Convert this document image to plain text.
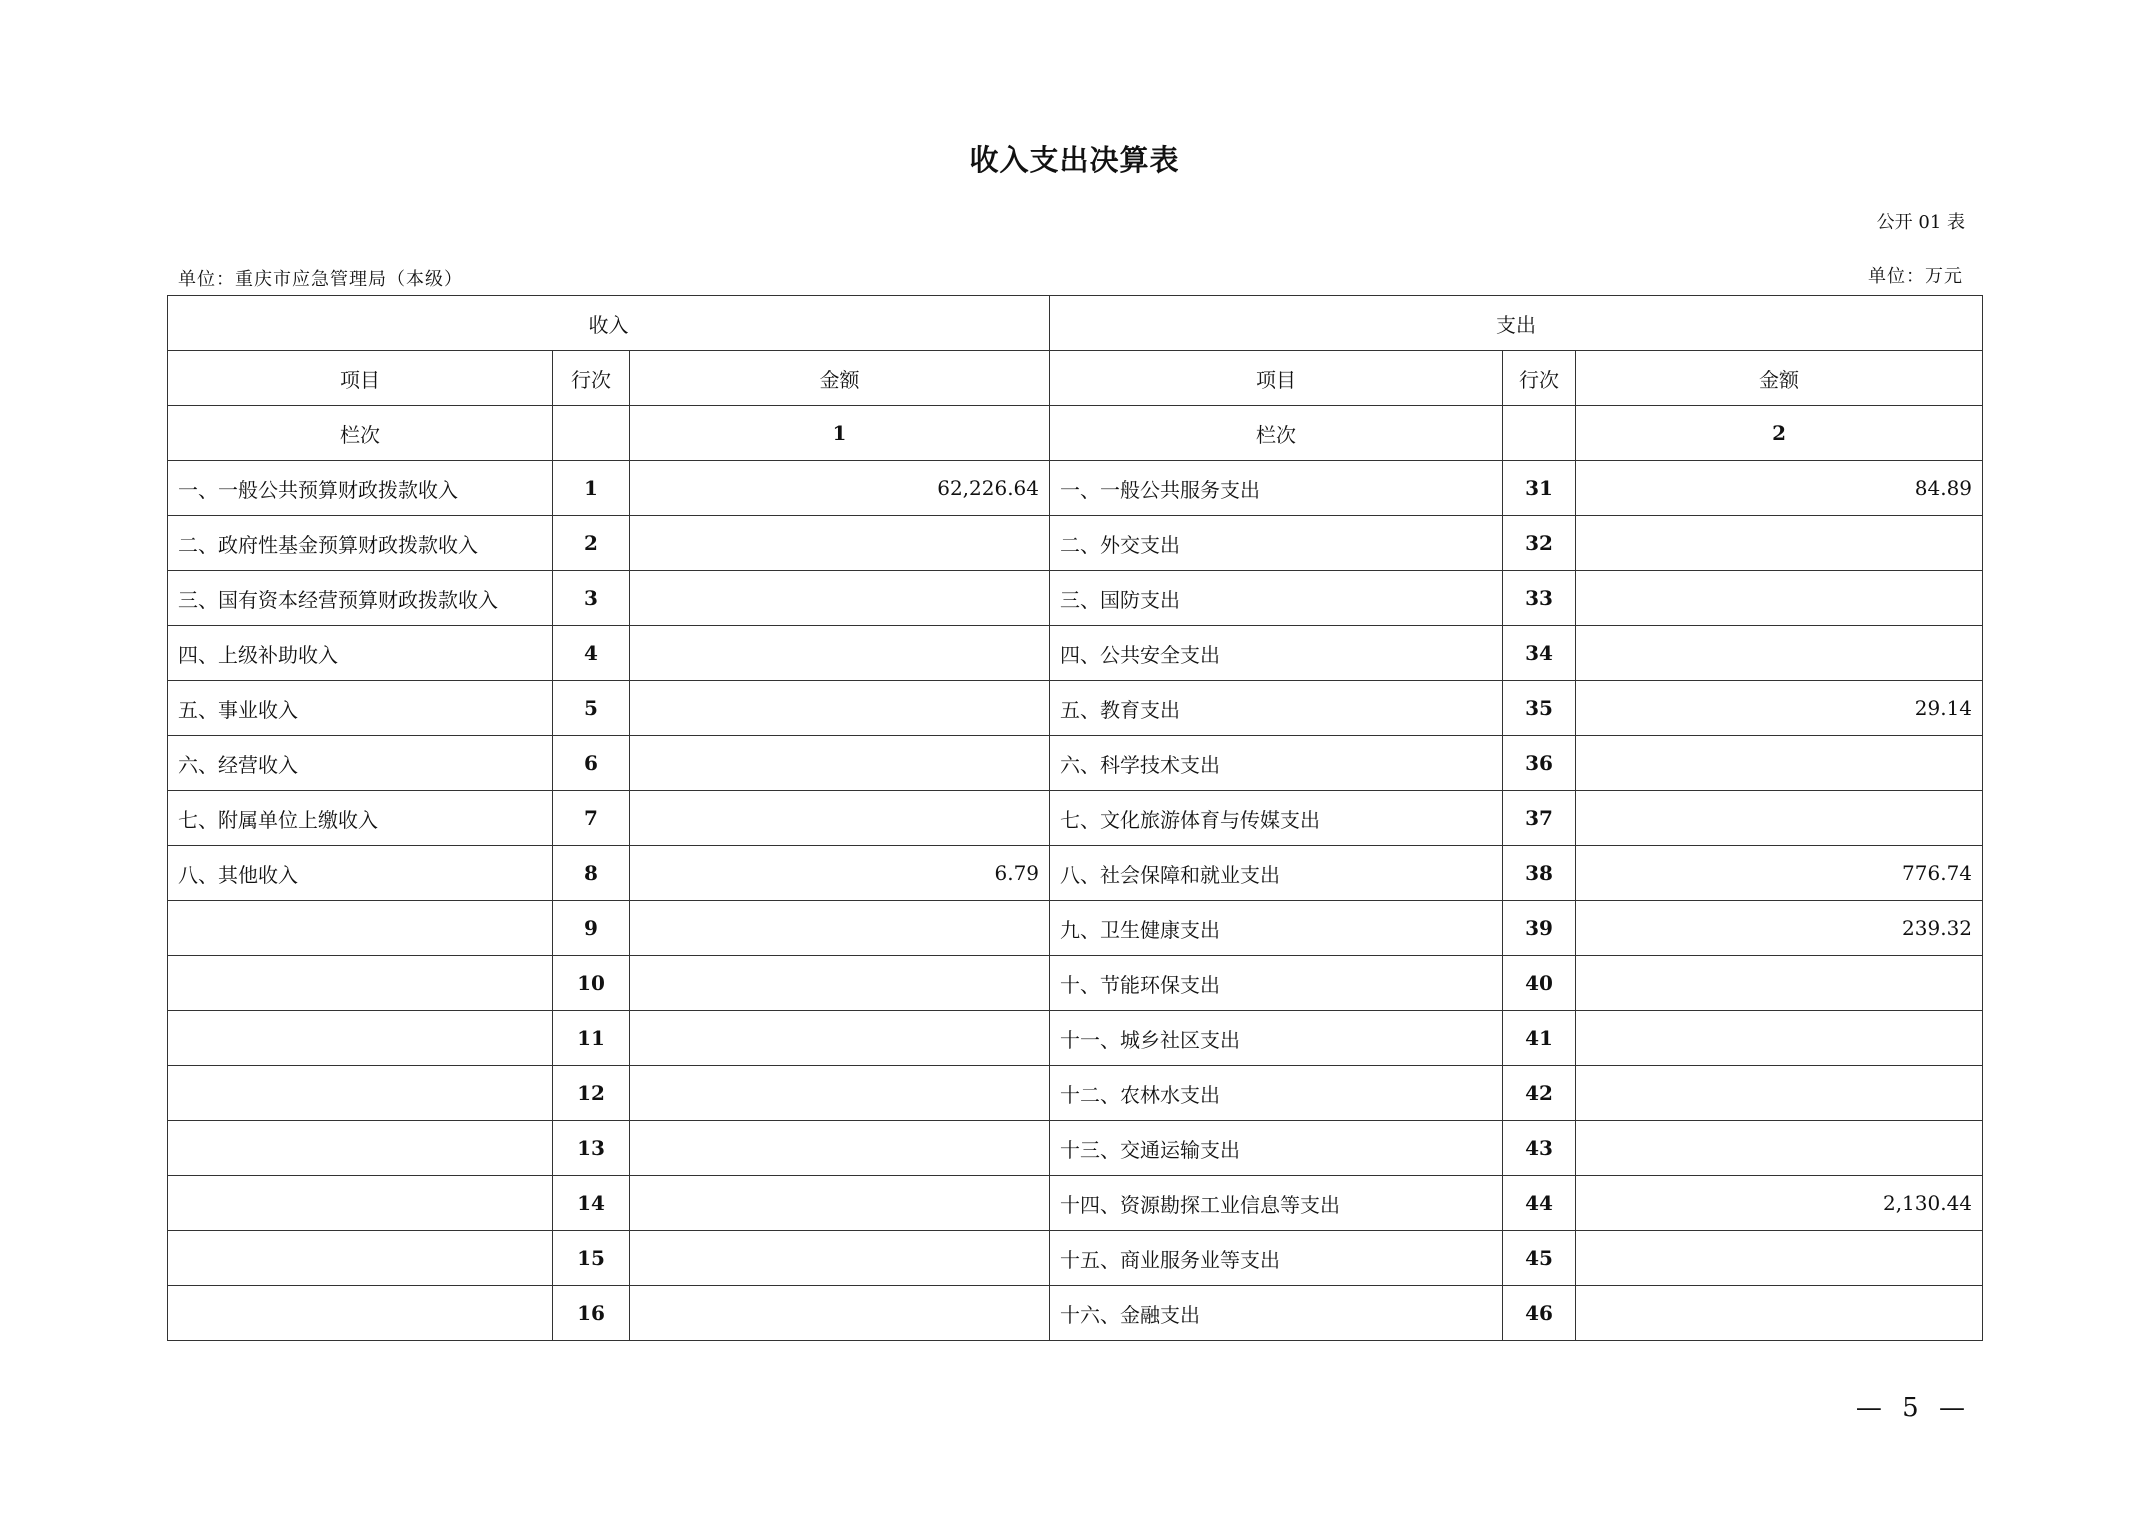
收入支出决算表
公开 01 表
单位：重庆市应急管理局（本级）	单位：万元
收入			支出		
项目	行次	金额	项目	行次	金额
栏次		1	栏次		2
一、一般公共预算财政拨款收入	1	62,226.64	一、一般公共服务支出	31	84.89
二、政府性基金预算财政拨款收入	2		二、外交支出	32	
三、国有资本经营预算财政拨款收入	3		三、国防支出	33	
四、上级补助收入	4		四、公共安全支出	34	
五、事业收入	5		五、教育支出	35	29.14
六、经营收入	6		六、科学技术支出	36	
七、附属单位上缴收入	7		七、文化旅游体育与传媒支出	37	
八、其他收入	8	6.79	八、社会保障和就业支出	38	776.74
	9		九、卫生健康支出	39	239.32
	10		十、节能环保支出	40	
	11		十一、城乡社区支出	41	
	12		十二、农林水支出	42	
	13		十三、交通运输支出	43	
	14		十四、资源勘探工业信息等支出	44	2,130.44
	15		十五、商业服务业等支出	45	
	16		十六、金融支出	46	
— 5 —
